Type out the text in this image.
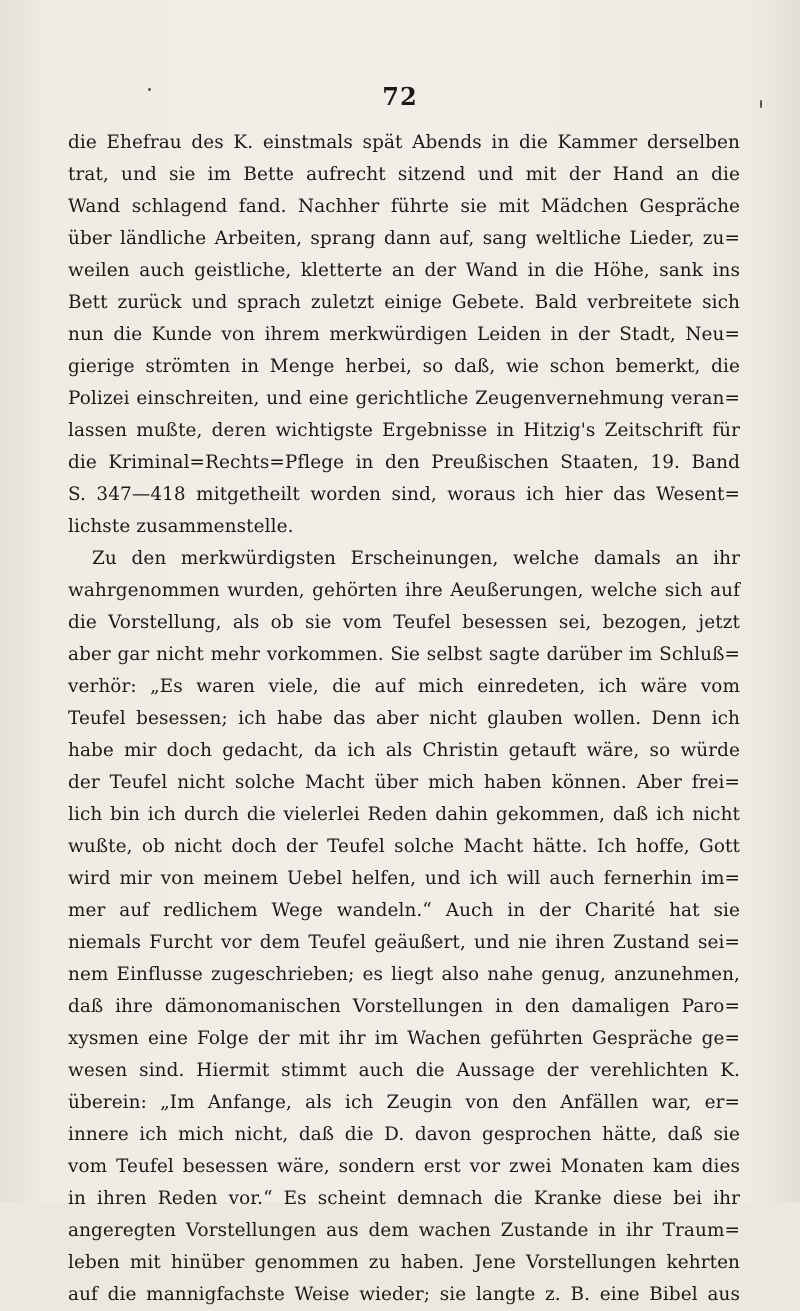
72
die Ehefrau des K. einstmals spät Abends in die Kammer derselben
trat, und sie im Bette aufrecht sitzend und mit der Hand an die
Wand schlagend fand. Nachher führte sie mit Mädchen Gespräche
über ländliche Arbeiten, sprang dann auf, sang weltliche Lieder, zu=
weilen auch geistliche, kletterte an der Wand in die Höhe, sank ins
Bett zurück und sprach zuletzt einige Gebete. Bald verbreitete sich
nun die Kunde von ihrem merkwürdigen Leiden in der Stadt, Neu=
gierige strömten in Menge herbei, so daß, wie schon bemerkt, die
Polizei einschreiten, und eine gerichtliche Zeugenvernehmung veran=
lassen mußte, deren wichtigste Ergebnisse in Hitzig's Zeitschrift für
die Kriminal=Rechts=Pflege in den Preußischen Staaten, 19. Band
S. 347—418 mitgetheilt worden sind, woraus ich hier das Wesent=
lichste zusammenstelle.
Zu den merkwürdigsten Erscheinungen, welche damals an ihr
wahrgenommen wurden, gehörten ihre Aeußerungen, welche sich auf
die Vorstellung, als ob sie vom Teufel besessen sei, bezogen, jetzt
aber gar nicht mehr vorkommen. Sie selbst sagte darüber im Schluß=
verhör: „Es waren viele, die auf mich einredeten, ich wäre vom
Teufel besessen; ich habe das aber nicht glauben wollen. Denn ich
habe mir doch gedacht, da ich als Christin getauft wäre, so würde
der Teufel nicht solche Macht über mich haben können. Aber frei=
lich bin ich durch die vielerlei Reden dahin gekommen, daß ich nicht
wußte, ob nicht doch der Teufel solche Macht hätte. Ich hoffe, Gott
wird mir von meinem Uebel helfen, und ich will auch fernerhin im=
mer auf redlichem Wege wandeln.“ Auch in der Charité hat sie
niemals Furcht vor dem Teufel geäußert, und nie ihren Zustand sei=
nem Einflusse zugeschrieben; es liegt also nahe genug, anzunehmen,
daß ihre dämonomanischen Vorstellungen in den damaligen Paro=
xysmen eine Folge der mit ihr im Wachen geführten Gespräche ge=
wesen sind. Hiermit stimmt auch die Aussage der verehlichten K.
überein: „Im Anfange, als ich Zeugin von den Anfällen war, er=
innere ich mich nicht, daß die D. davon gesprochen hätte, daß sie
vom Teufel besessen wäre, sondern erst vor zwei Monaten kam dies
in ihren Reden vor.“ Es scheint demnach die Kranke diese bei ihr
angeregten Vorstellungen aus dem wachen Zustande in ihr Traum=
leben mit hinüber genommen zu haben. Jene Vorstellungen kehrten
auf die mannigfachste Weise wieder; sie langte z. B. eine Bibel aus
